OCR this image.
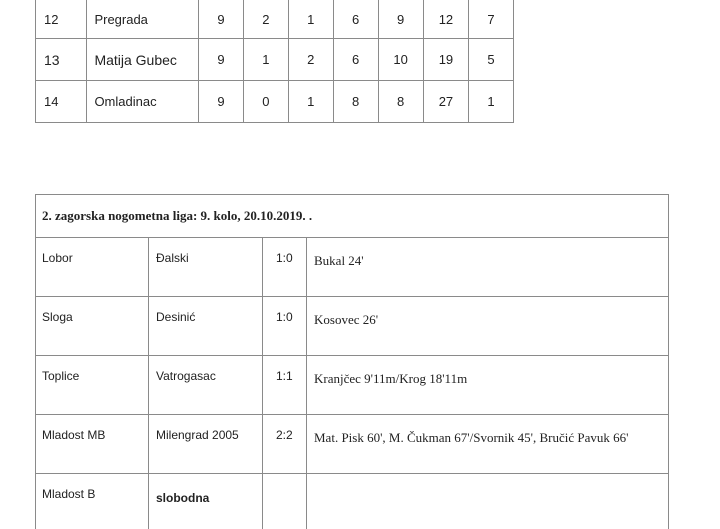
12	Pregrada	9	2	1	6	9	12	7
13	Matija Gubec	9	1	2	6	10	19	5
14	Omladinac	9	0	1	8	8	27	1
2. zagorska nogometna liga: 9. kolo, 20.10.2019. .			
Lobor	Đalski	1:0	Bukal 24'
Sloga	Desinić	1:0	Kosovec 26'
Toplice	Vatrogasac	1:1	Kranjčec 9'11m/Krog 18'11m
Mladost MB	Milengrad 2005	2:2	Mat. Pisk 60', M. Čukman 67'/Svornik 45', Bručić Pavuk 66'
Mladost B	slobodna		
